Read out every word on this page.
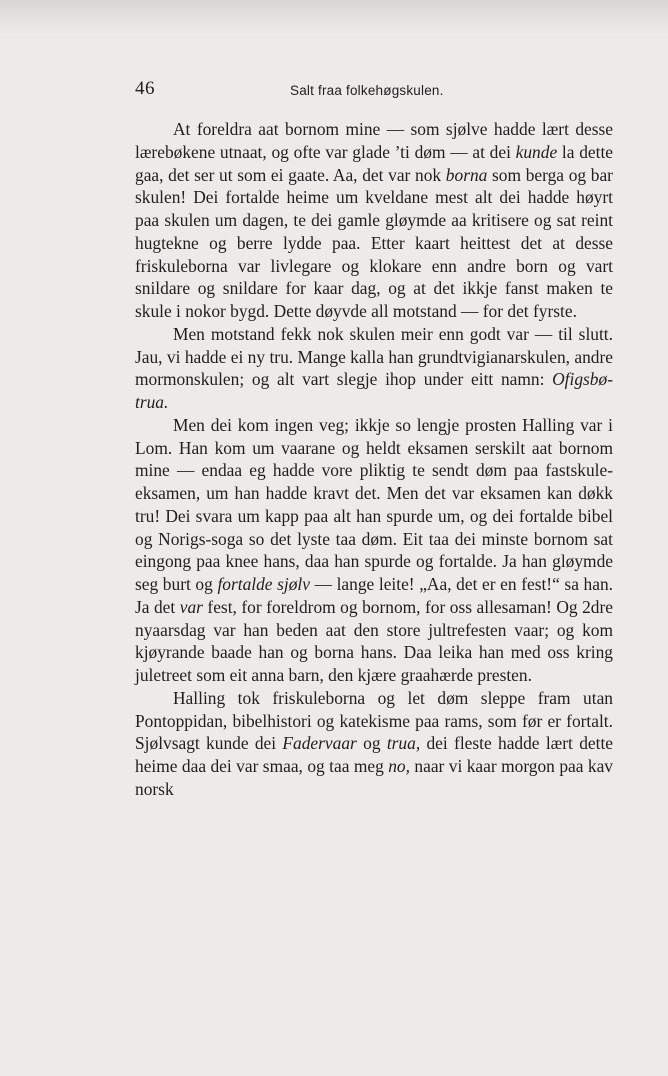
46	Salt fraa folkehøgskulen.

At foreldra aat bornom mine — som sjølve hadde lært desse lærebøkene utnaat, og ofte var glade ’ti døm — at dei kunde la dette gaa, det ser ut som ei gaate. Aa, det var nok borna som berga og bar skulen! Dei fortalde heime um kveldane mest alt dei hadde høyrt paa skulen um dagen, te dei gamle gløymde aa kritisere og sat reint hugtekne og berre lydde paa. Etter kaart heittest det at desse friskuleborna var livlegare og klokare enn andre born og vart snildare og snildare for kaar dag, og at det ikkje fanst maken te skule i nokor bygd. Dette døyvde all motstand — for det fyrste.

Men motstand fekk nok skulen meir enn godt var — til slutt. Jau, vi hadde ei ny tru. Mange kalla han grundtvigianarskulen, andre mormonskulen; og alt vart slegje ihop under eitt namn: Ofigsbø-trua.

Men dei kom ingen veg; ikkje so lengje prosten Halling var i Lom. Han kom um vaarane og heldt eksamen serskilt aat bornom mine — endaa eg hadde vore pliktig te sendt døm paa fastskule-eksamen, um han hadde kravt det. Men det var eksamen kan døkk tru! Dei svara um kapp paa alt han spurde um, og dei fortalde bibel og Norigs-soga so det lyste taa døm. Eit taa dei minste bornom sat eingong paa knee hans, daa han spurde og fortalde. Ja han gløymde seg burt og fortalde sjølv — lange leite! „Aa, det er en fest!“ sa han. Ja det var fest, for foreldrom og bornom, for oss allesaman! Og 2dre nyaarsdag var han beden aat den store jultrefesten vaar; og kom kjøyrande baade han og borna hans. Daa leika han med oss kring juletreet som eit anna barn, den kjære graahærde presten.

Halling tok friskuleborna og let døm sleppe fram utan Pontoppidan, bibelhistori og katekisme paa rams, som før er fortalt. Sjølvsagt kunde dei Fadervaar og trua, dei fleste hadde lært dette heime daa dei var smaa, og taa meg no, naar vi kaar morgon paa kav norsk
